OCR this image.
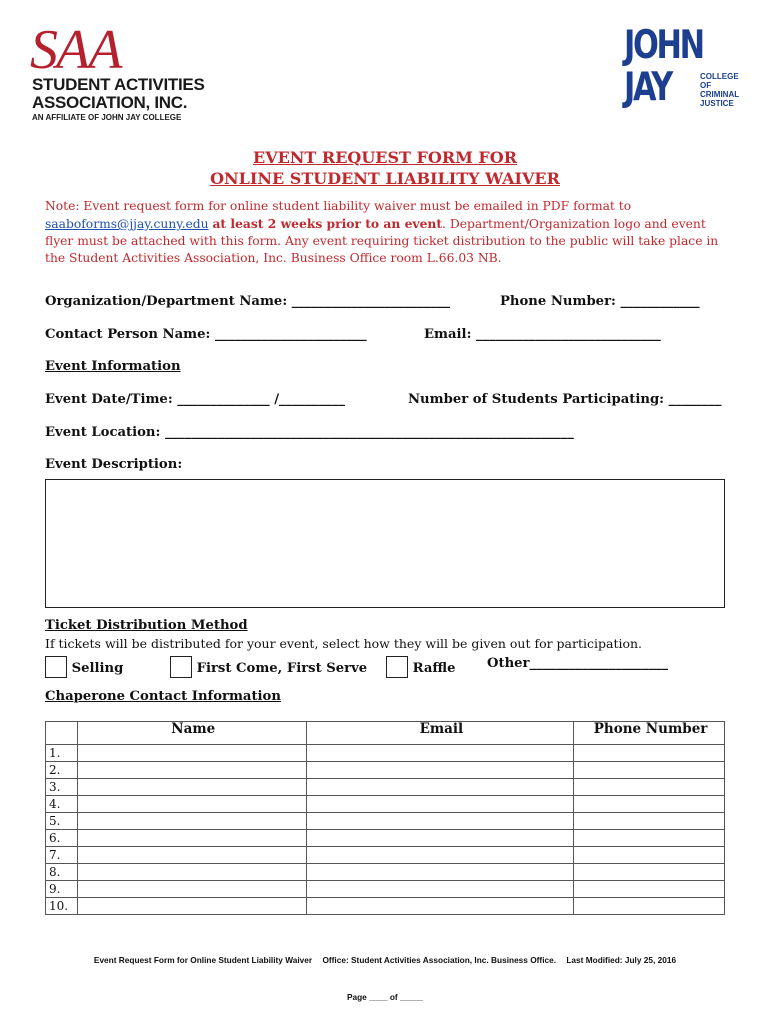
SAA
STUDENT ACTIVITIES
ASSOCIATION, INC.
AN AFFILIATE OF JOHN JAY COLLEGE
JOHN
JAY	COLLEGE
OF
CRIMINAL
JUSTICE
EVENT REQUEST FORM FOR
ONLINE STUDENT LIABILITY WAIVER
Note: Event request form for online student liability waiver must be emailed in PDF format to
saaboforms@jjay.cuny.edu at least 2 weeks prior to an event. Department/Organization logo and event flyer must be attached with this form. Any event requiring ticket distribution to the public will take place in the Student Activities Association, Inc. Business Office room L.66.03 NB.
Organization/Department Name: ________________________	Phone Number: ____________
Contact Person Name: _______________________	Email: ____________________________
Event Information
Event Date/Time: ______________ /__________	Number of Students Participating: ________
Event Location: ______________________________________________________________
Event Description:
Ticket Distribution Method
If tickets will be distributed for your event, select how they will be given out for participation.
Selling	First Come, First Serve	Raffle Other_____________________
Chaperone Contact Information
	Name	Email	Phone Number
1.			
2.			
3.			
4.			
5.			
6.			
7.			
8.			
9.			
10.			
Event Request Form for Online Student Liability Waiver Office: Student Activities Association, Inc. Business Office. Last Modified: July 25, 2016
Page ____ of _____
